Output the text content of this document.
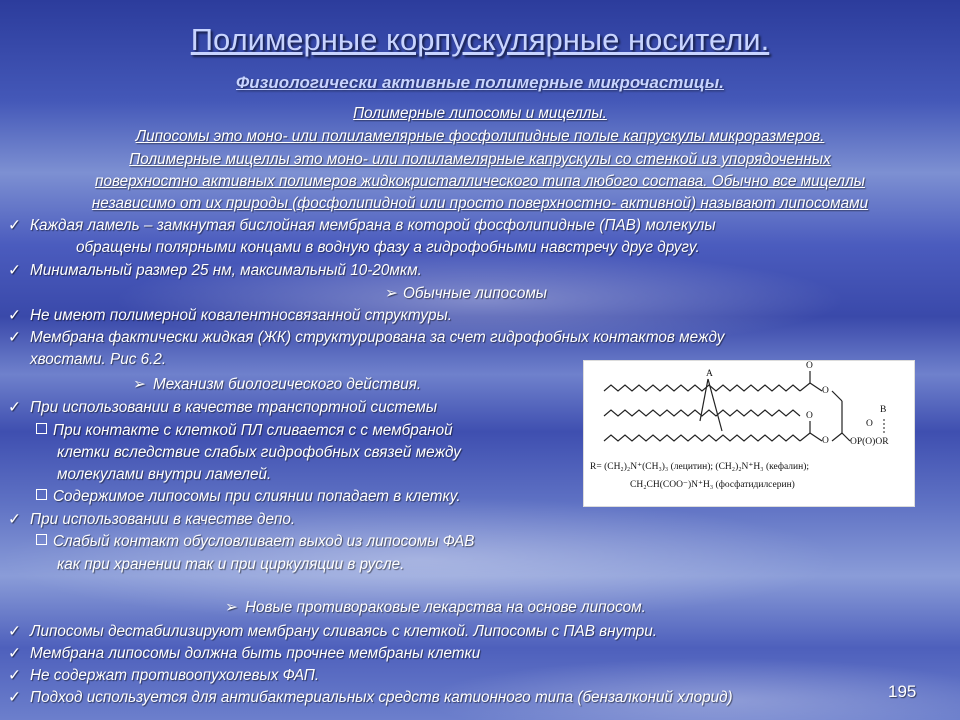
Полимерные корпускулярные носители.
Физиологически активные полимерные микрочастицы.
Полимерные липосомы и мицеллы.
Липосомы это моно- или полиламелярные фосфолипидные полые капрускулы микроразмеров.
Полимерные мицеллы это моно- или полиламелярные капрускулы со стенкой из упорядоченных
поверхностно активных полимеров жидкокристаллического типа любого состава. Обычно все мицеллы
независимо от их природы (фосфолипидной или просто поверхностно- активной) называют липосомами
✓ Каждая ламель – замкнутая бислойная мембрана в которой фосфолипидные (ПАВ) молекулы
обращены полярными концами в водную фазу а гидрофобными навстречу друг другу.
✓ Минимальный размер 25 нм, максимальный 10-20мкм.
➢ Обычные липосомы
✓ Не имеют полимерной ковалентносвязанной структуры.
✓ Мембрана фактически жидкая (ЖК) структурирована за счет гидрофобных контактов между
хвостами. Рис 6.2.
➢ Механизм биологического действия.
✓ При использовании в качестве транспортной системы
При контакте с клеткой ПЛ сливается с с мембраной
клетки вследствие слабых гидрофобных связей между
молекулами внутри ламелей.
Содержимое липосомы при слиянии попадает в клетку.
✓ При использовании в качестве депо.
Слабый контакт обусловливает выход из липосомы ФАВ
как при хранении так и при циркуляции в русле.
➢ Новые противораковые лекарства на основе липосом.
✓ Липосомы дестабилизируют мембрану сливаясь с клеткой. Липосомы с ПАВ внутри.
✓ Мембрана липосомы должна быть прочнее мембраны клетки
✓ Не содержат противоопухолевых ФАП.
✓ Подход используется для антибактериальных средств катионного типа (бензалконий хлорид)	195
A
B
O
O
O
O
O
OP(O)OR
R= (CH₂)₂N⁺(CH₃)₃ (лецитин); (CH₂)₂N⁺H₃ (кефалин);
CH₂CH(COO⁻)N⁺H₃ (фосфатидилсерин)
